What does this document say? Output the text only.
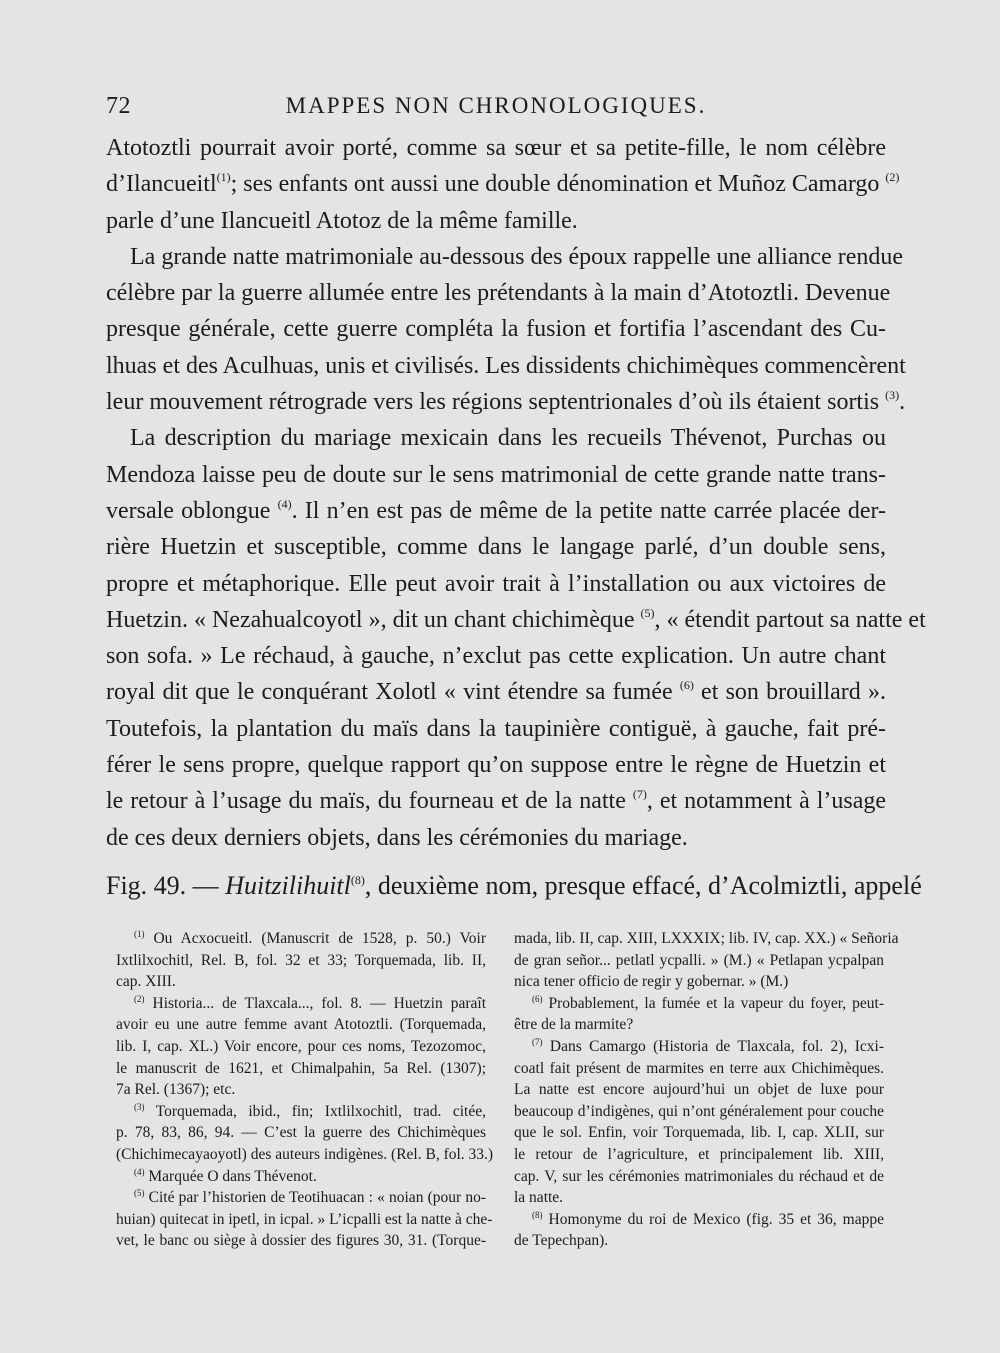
72	MAPPES NON CHRONOLOGIQUES.
Atotoztli pourrait avoir porté, comme sa sœur et sa petite-fille, le nom célèbre
d’Ilancueitl$^{(1)}$; ses enfants ont aussi une double dénomination et Muñoz Camargo $^{(2)}$
parle d’une Ilancueitl Atotoz de la même famille.
La grande natte matrimoniale au-dessous des époux rappelle une alliance rendue
célèbre par la guerre allumée entre les prétendants à la main d’Atotoztli. Devenue
presque générale, cette guerre compléta la fusion et fortifia l’ascendant des Cu-
lhuas et des Aculhuas, unis et civilisés. Les dissidents chichimèques commencèrent
leur mouvement rétrograde vers les régions septentrionales d’où ils étaient sortis $^{(3)}$.
La description du mariage mexicain dans les recueils Thévenot, Purchas ou
Mendoza laisse peu de doute sur le sens matrimonial de cette grande natte trans-
versale oblongue $^{(4)}$. Il n’en est pas de même de la petite natte carrée placée der-
rière Huetzin et susceptible, comme dans le langage parlé, d’un double sens,
propre et métaphorique. Elle peut avoir trait à l’installation ou aux victoires de
Huetzin. « Nezahualcoyotl », dit un chant chichimèque $^{(5)}$, « étendit partout sa natte et
son sofa. » Le réchaud, à gauche, n’exclut pas cette explication. Un autre chant
royal dit que le conquérant Xolotl « vint étendre sa fumée $^{(6)}$ et son brouillard ».
Toutefois, la plantation du maïs dans la taupinière contiguë, à gauche, fait pré-
férer le sens propre, quelque rapport qu’on suppose entre le règne de Huetzin et
le retour à l’usage du maïs, du fourneau et de la natte $^{(7)}$, et notamment à l’usage
de ces deux derniers objets, dans les cérémonies du mariage.
Fig. 49. — Huitzilihuitl$^{(8)}$, deuxième nom, presque effacé, d’Acolmiztli, appelé
$^{(1)}$ Ou Acxocueitl. (Manuscrit de 1528, p. 50.) Voir
Ixtlilxochitl, Rel. B, fol. 32 et 33; Torquemada, lib. II,
cap. XIII.
$^{(2)}$ Historia... de Tlaxcala..., fol. 8. — Huetzin paraît
avoir eu une autre femme avant Atotoztli. (Torquemada,
lib. I, cap. XL.) Voir encore, pour ces noms, Tezozomoc,
le manuscrit de 1621, et Chimalpahin, 5a Rel. (1307);
7a Rel. (1367); etc.
$^{(3)}$ Torquemada, ibid., fin; Ixtlilxochitl, trad. citée,
p. 78, 83, 86, 94. — C’est la guerre des Chichimèques
(Chichimecayaoyotl) des auteurs indigènes. (Rel. B, fol. 33.)
$^{(4)}$ Marquée O dans Thévenot.
$^{(5)}$ Cité par l’historien de Teotihuacan : « noian (pour no-
huian) quitecat in ipetl, in icpal. » L’icpalli est la natte à che-
vet, le banc ou siège à dossier des figures 30, 31. (Torque-
mada, lib. II, cap. XIII, LXXXIX; lib. IV, cap. XX.) « Señoria
de gran señor... petlatl ycpalli. » (M.) « Petlapan ycpalpan
nica tener officio de regir y gobernar. » (M.)
$^{(6)}$ Probablement, la fumée et la vapeur du foyer, peut-
être de la marmite?
$^{(7)}$ Dans Camargo (Historia de Tlaxcala, fol. 2), Icxi-
coatl fait présent de marmites en terre aux Chichimèques.
La natte est encore aujourd’hui un objet de luxe pour
beaucoup d’indigènes, qui n’ont généralement pour couche
que le sol. Enfin, voir Torquemada, lib. I, cap. XLII, sur
le retour de l’agriculture, et principalement lib. XIII,
cap. V, sur les cérémonies matrimoniales du réchaud et de
la natte.
$^{(8)}$ Homonyme du roi de Mexico (fig. 35 et 36, mappe
de Tepechpan).
